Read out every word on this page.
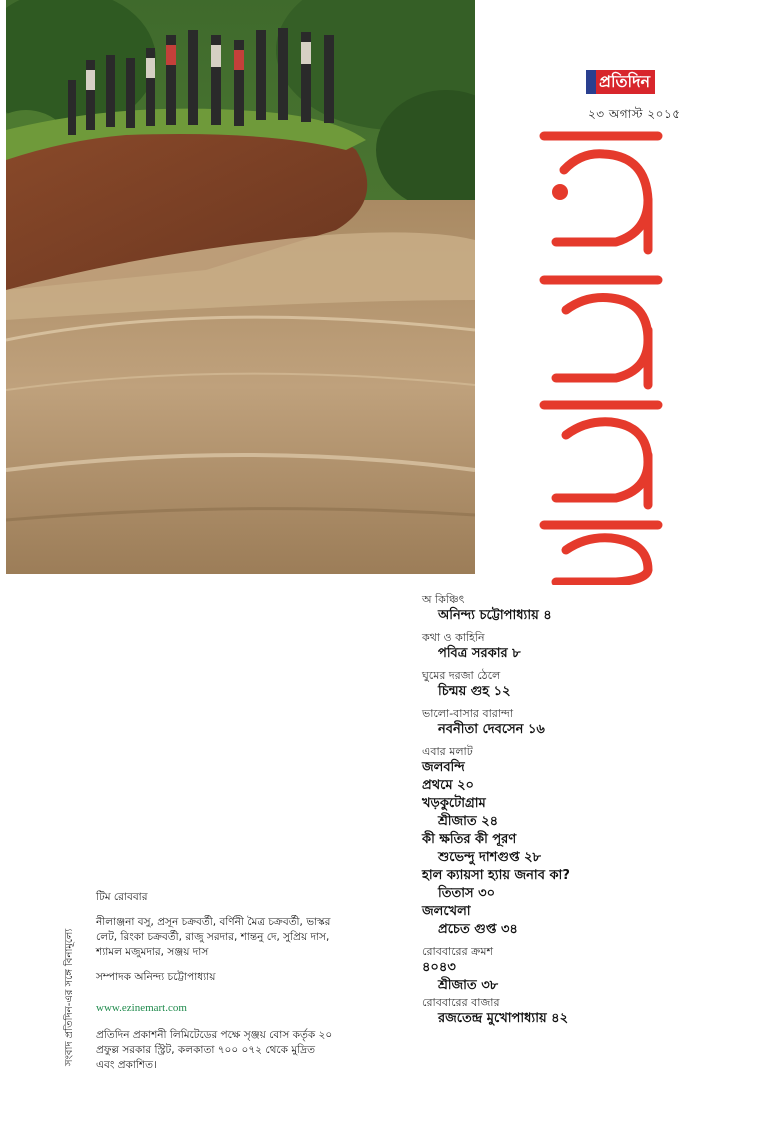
প্রতিদিন
২৩ অগাস্ট ২০১৫
অ কিঞ্চিৎ
অনিন্দ্য চট্টোপাধ্যায় ৪
কথা ও কাহিনি
পবিত্র সরকার ৮
ঘুমের দরজা ঠেলে
চিন্ময় গুহ ১২
ভালো-বাসার বারান্দা
নবনীতা দেবসেন ১৬
এবার মলাট
জলবন্দি
প্রথমে ২০
খড়কুটোগ্রাম
শ্রীজাত ২৪
কী ক্ষতির কী পূরণ
শুভেন্দু দাশগুপ্ত ২৮
হাল ক্যায়সা হ্যায় জনাব কা?
তিতাস ৩০
জলখেলা
প্রচেত গুপ্ত ৩৪
রোববারের ক্রমশ
৪০৪৩
শ্রীজাত ৩৮
রোববারের বাজার
রজতেন্দ্র মুখোপাধ্যায় ৪২
টিম রোববার
নীলাঞ্জনা বসু, প্রসূন চক্রবর্তী, বর্ণিনী মৈত্র চক্রবর্তী, ভাস্কর লেট, রিংকা চক্রবর্তী, রাজু সরদার, শান্তনু দে, সুপ্রিয় দাস, শ্যামল মজুমদার, সঞ্জয় দাস
সম্পাদক অনিন্দ্য চট্টোপাধ্যায়
www.ezinemart.com
প্রতিদিন প্রকাশনী লিমিটেডের পক্ষে সৃঞ্জয় বোস কর্তৃক ২০ প্রফুল্ল সরকার স্ট্রিট, কলকাতা ৭০০ ০৭২ থেকে মুদ্রিত এবং প্রকাশিত।
সংবাদ প্রতিদিন-এর সঙ্গে বিনামূল্যে
